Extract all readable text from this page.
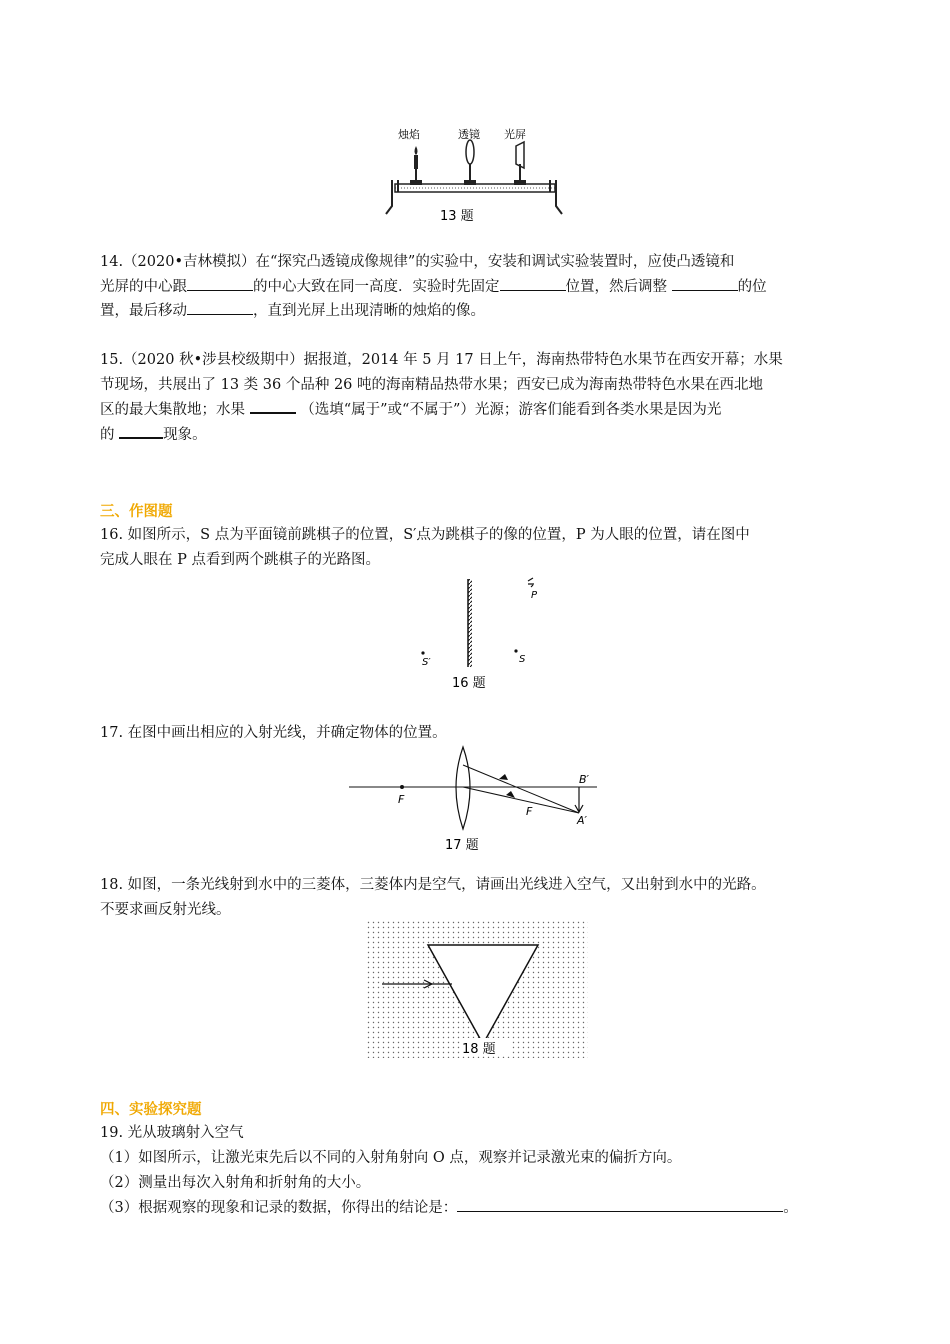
烛焰	透镜 光屏
13 题
14.（2020•吉林模拟）在“探究凸透镜成像规律”的实验中，安装和调试实验装置时，应使凸透镜和
光屏的中心跟	的中心大致在同一高度．实验时先固定	位置，然后调整	的位
置，最后移动	，直到光屏上出现清晰的烛焰的像。
15.（2020 秋•涉县校级期中）据报道，2014 年 5 月 17 日上午，海南热带特色水果节在西安开幕；水果
节现场，共展出了 13 类 36 个品种 26 吨的海南精品热带水果；西安已成为海南热带特色水果在西北地
区的最大集散地；水果	（选填“属于”或“不属于”）光源；游客们能看到各类水果是因为光
的	现象。
三、作图题
16. 如图所示，S 点为平面镜前跳棋子的位置，S′点为跳棋子的像的位置，P 为人眼的位置，请在图中
完成人眼在 P 点看到两个跳棋子的光路图。
S′	S
P
16 题
17. 在图中画出相应的入射光线，并确定物体的位置。
F
F
B′
A′
17 题
18. 如图，一条光线射到水中的三菱体，三菱体内是空气，请画出光线进入空气，又出射到水中的光路。
不要求画反射光线。
18 题
四、实验探究题
19. 光从玻璃射入空气
（1）如图所示，让激光束先后以不同的入射角射向 O 点，观察并记录激光束的偏折方向。
（2）测量出每次入射角和折射角的大小。
（3）根据观察的现象和记录的数据，你得出的结论是：	。
